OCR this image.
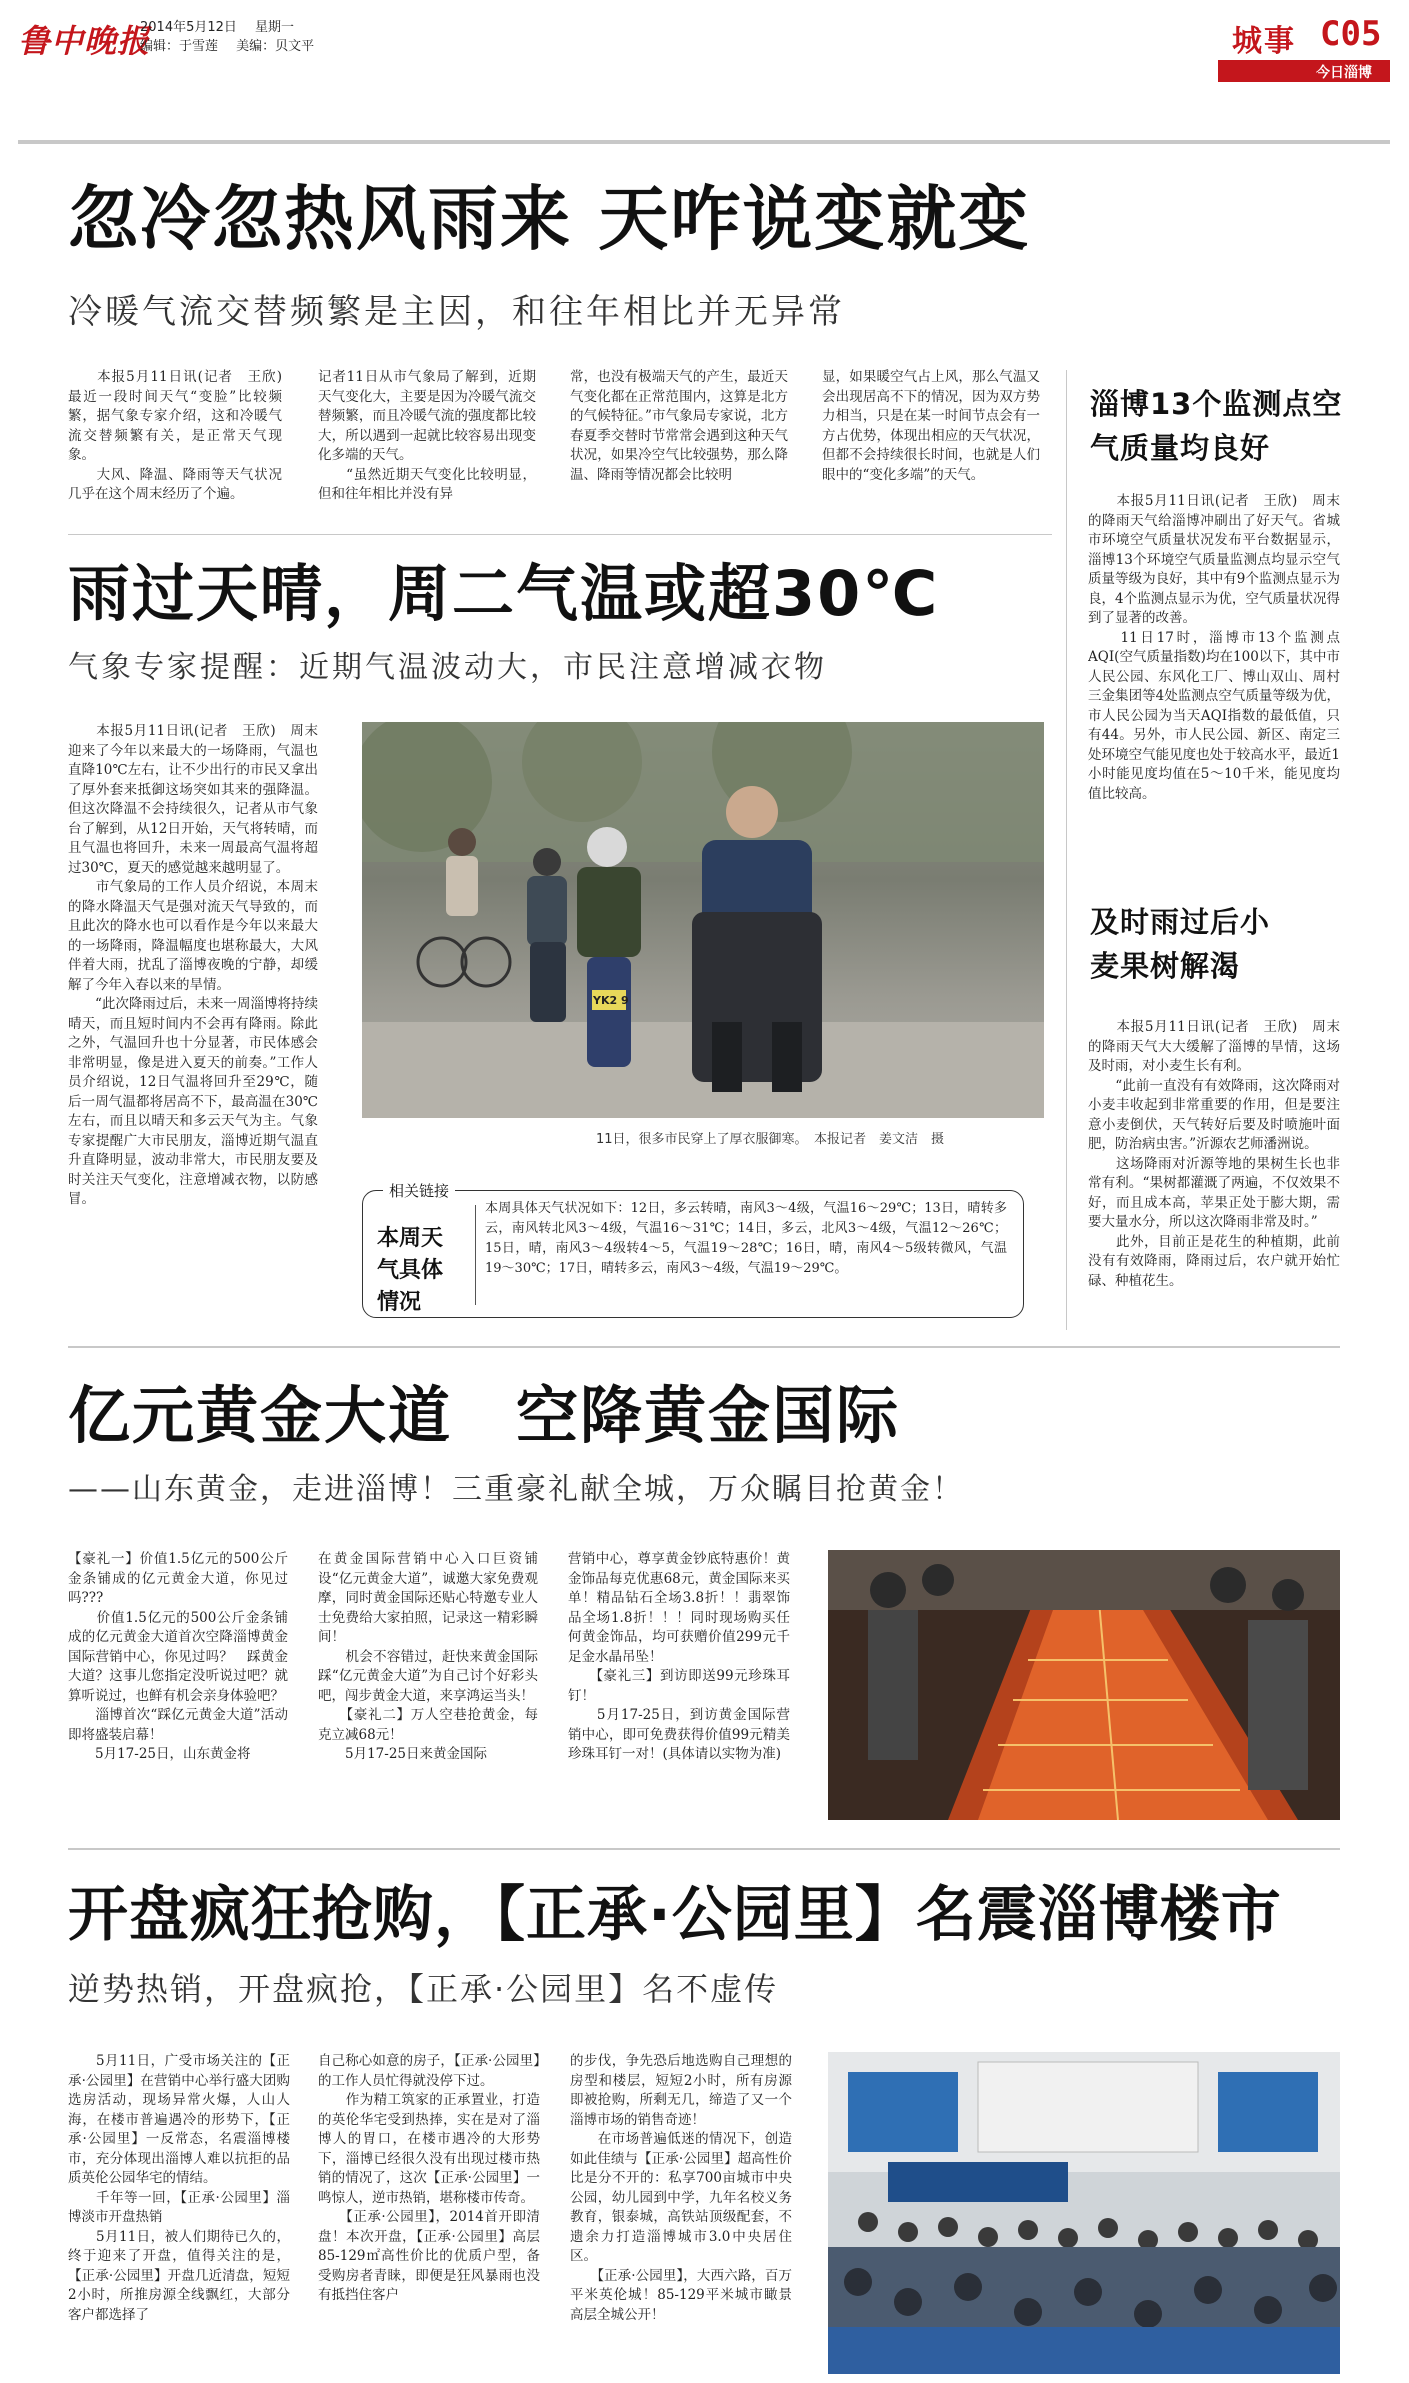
鲁中晚报
2014年5月12日 星期一
编辑：于雪莲 美编：贝文平	城事 C05
今日淄博
忽冷忽热风雨来 天咋说变就变
冷暖气流交替频繁是主因，和往年相比并无异常
　　本报5月11日讯(记者　王欣)　最近一段时间天气“变脸”比较频繁，据气象专家介绍，这和冷暖气流交替频繁有关，是正常天气现象。
　　大风、降温、降雨等天气状况几乎在这个周末经历了个遍。
记者11日从市气象局了解到，近期天气变化大，主要是因为冷暖气流交替频繁，而且冷暖气流的强度都比较大，所以遇到一起就比较容易出现变化多端的天气。
　　“虽然近期天气变化比较明显，但和往年相比并没有异
常，也没有极端天气的产生，最近天气变化都在正常范围内，这算是北方的气候特征。”市气象局专家说，北方春夏季交替时节常常会遇到这种天气状况，如果冷空气比较强势，那么降温、降雨等情况都会比较明
显，如果暖空气占上风，那么气温又会出现居高不下的情况，因为双方势力相当，只是在某一时间节点会有一方占优势，体现出相应的天气状况，但都不会持续很长时间，也就是人们眼中的“变化多端”的天气。
雨过天晴，周二气温或超30℃
气象专家提醒：近期气温波动大，市民注意增减衣物
　　本报5月11日讯(记者　王欣)　周末迎来了今年以来最大的一场降雨，气温也直降10℃左右，让不少出行的市民又拿出了厚外套来抵御这场突如其来的强降温。但这次降温不会持续很久，记者从市气象台了解到，从12日开始，天气将转晴，而且气温也将回升，未来一周最高气温将超过30℃，夏天的感觉越来越明显了。
　　市气象局的工作人员介绍说，本周末的降水降温天气是强对流天气导致的，而且此次的降水也可以看作是今年以来最大的一场降雨，降温幅度也堪称最大，大风伴着大雨，扰乱了淄博夜晚的宁静，却缓解了今年入春以来的旱情。
　　“此次降雨过后，未来一周淄博将持续晴天，而且短时间内不会再有降雨。除此之外，气温回升也十分显著，市民体感会非常明显，像是进入夏天的前奏。”工作人员介绍说，12日气温将回升至29℃，随后一周气温都将居高不下，最高温在30℃左右，而且以晴天和多云天气为主。气象专家提醒广大市民朋友，淄博近期气温直升直降明显，波动非常大，市民朋友要及时关注天气变化，注意增减衣物，以防感冒。
YK2 9
11日，很多市民穿上了厚衣服御寒。　本报记者　姜文洁　摄
相关链接
本周天气具体情况
本周具体天气状况如下：12日，多云转晴，南风3～4级，气温16～29℃；13日，晴转多云，南风转北风3～4级，气温16～31℃；14日，多云，北风3～4级，气温12～26℃；15日，晴，南风3～4级转4～5，气温19～28℃；16日，晴，南风4～5级转微风，气温19～30℃；17日，晴转多云，南风3～4级，气温19～29℃。
淄博13个监测点空气质量均良好
　　本报5月11日讯(记者　王欣)　周末的降雨天气给淄博冲刷出了好天气。省城市环境空气质量状况发布平台数据显示，淄博13个环境空气质量监测点均显示空气质量等级为良好，其中有9个监测点显示为良，4个监测点显示为优，空气质量状况得到了显著的改善。
　　11日17时，淄博市13个监测点AQI(空气质量指数)均在100以下，其中市人民公园、东风化工厂、博山双山、周村三金集团等4处监测点空气质量等级为优，市人民公园为当天AQI指数的最低值，只有44。另外，市人民公园、新区、南定三处环境空气能见度也处于较高水平，最近1小时能见度均值在5～10千米，能见度均值比较高。
及时雨过后小麦果树解渴
　　本报5月11日讯(记者　王欣)　周末的降雨天气大大缓解了淄博的旱情，这场及时雨，对小麦生长有利。
　　“此前一直没有有效降雨，这次降雨对小麦丰收起到非常重要的作用，但是要注意小麦倒伏，天气转好后要及时喷施叶面肥，防治病虫害。”沂源农艺师潘洲说。
　　这场降雨对沂源等地的果树生长也非常有利。“果树都灌溉了两遍，不仅效果不好，而且成本高，苹果正处于膨大期，需要大量水分，所以这次降雨非常及时。”
　　此外，目前正是花生的种植期，此前没有有效降雨，降雨过后，农户就开始忙碌、种植花生。
亿元黄金大道　空降黄金国际
——山东黄金，走进淄博！三重豪礼献全城，万众瞩目抢黄金！
【豪礼一】价值1.5亿元的500公斤金条铺成的亿元黄金大道，你见过吗???
　　价值1.5亿元的500公斤金条铺成的亿元黄金大道首次空降淄博黄金国际营销中心，你见过吗？　踩黄金大道？这事儿您指定没听说过吧？就算听说过，也鲜有机会亲身体验吧？
　　淄博首次“踩亿元黄金大道”活动即将盛装启幕！
　　5月17-25日，山东黄金将
在黄金国际营销中心入口巨资铺设“亿元黄金大道”，诚邀大家免费观摩，同时黄金国际还贴心特邀专业人士免费给大家拍照，记录这一精彩瞬间！
　　机会不容错过，赶快来黄金国际踩“亿元黄金大道”为自己讨个好彩头吧，闯步黄金大道，来享鸿运当头！
　　【豪礼二】万人空巷抢黄金，每克立减68元！
　　5月17-25日来黄金国际
营销中心，尊享黄金钞底特惠价！黄金饰品每克优惠68元，黄金国际来买单！精品钻石全场3.8折！！翡翠饰品全场1.8折！！！同时现场购买任何黄金饰品，均可获赠价值299元千足金水晶吊坠！
　　【豪礼三】到访即送99元珍珠耳钉！
　　5月17-25日，到访黄金国际营销中心，即可免费获得价值99元精美珍珠耳钉一对！(具体请以实物为准)
开盘疯狂抢购，【正承·公园里】名震淄博楼市
逆势热销，开盘疯抢，【正承·公园里】名不虚传
　　5月11日，广受市场关注的【正承·公园里】在营销中心举行盛大团购选房活动，现场异常火爆，人山人海，在楼市普遍遇冷的形势下，【正承·公园里】一反常态，名震淄博楼市，充分体现出淄博人难以抗拒的品质英伦公园华宅的情结。
　　千年等一回，【正承·公园里】淄博淡市开盘热销
　　5月11日，被人们期待已久的，终于迎来了开盘，值得关注的是，【正承·公园里】开盘几近清盘，短短2小时，所推房源全线飘红，大部分客户都选择了
自己称心如意的房子，【正承·公园里】的工作人员忙得就没停下过。
　　作为精工筑家的正承置业，打造的英伦华宅受到热捧，实在是对了淄博人的胃口，在楼市遇冷的大形势下，淄博已经很久没有出现过楼市热销的情况了，这次【正承·公园里】一鸣惊人，逆市热销，堪称楼市传奇。
　　【正承·公园里】，2014首开即清盘！本次开盘，【正承·公园里】高层85-129㎡高性价比的优质户型，备受购房者青睐，即便是狂风暴雨也没有抵挡住客户
的步伐，争先恐后地选购自己理想的房型和楼层，短短2小时，所有房源即被抢购，所剩无几，缔造了又一个淄博市场的销售奇迹！
　　在市场普遍低迷的情况下，创造如此佳绩与【正承·公园里】超高性价比是分不开的：私享700亩城市中央公园，幼儿园到中学，九年名校义务教育，银泰城，高铁站顶级配套，不遗余力打造淄博城市3.0中央居住区。
　　【正承·公园里】，大西六路，百万平米英伦城！85-129平米城市瞰景高层全城公开！
